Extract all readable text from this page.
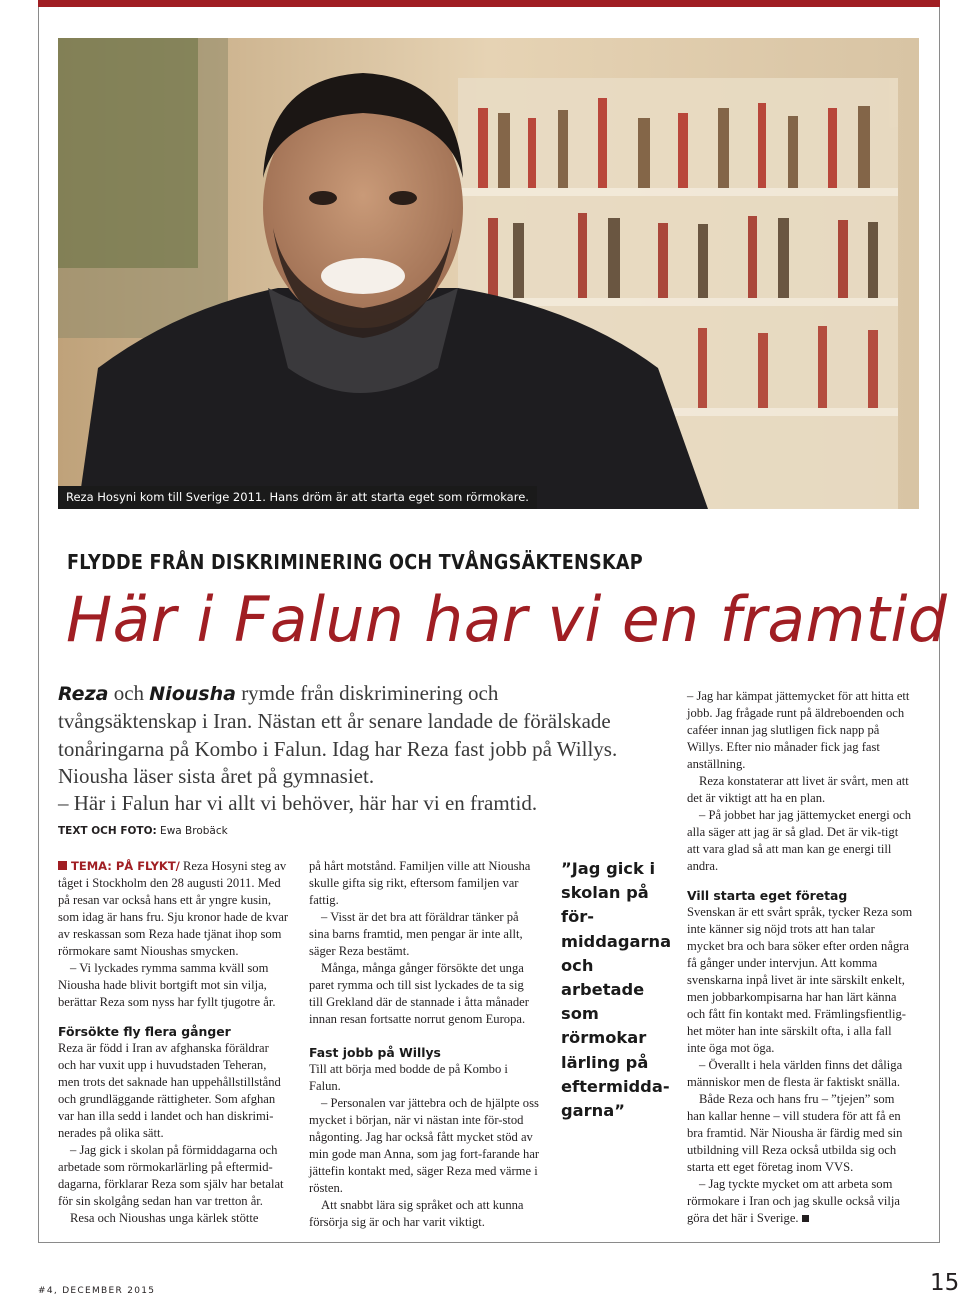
Reza Hosyni kom till Sverige 2011. Hans dröm är att starta eget som rörmokare.
FLYDDE FRÅN DISKRIMINERING OCH TVÅNGSÄKTENSKAP
Här i Falun har vi en framtid
Reza och Niousha rymde från diskriminering och tvångsäktenskap i Iran. Nästan ett år senare landade de förälskade tonåringarna på Kombo i Falun. Idag har Reza fast jobb på Willys. Niousha läser sista året på gymnasiet.
– Här i Falun har vi allt vi behöver, här har vi en framtid.
TEXT OCH FOTO: Ewa Brobäck

TEMA: PÅ FLYKT/ Reza Hosyni steg av tåget i Stockholm den 28 augusti 2011. Med på resan var också hans ett år yngre kusin, som idag är hans fru. Sju kronor hade de kvar av reskassan som Reza hade tjänat ihop som rörmokare samt Nioushas smycken.

– Vi lyckades rymma samma kväll som Niousha hade blivit bortgift mot sin vilja, berättar Reza som nyss har fyllt tjugotre år.

Försökte fly flera gånger

Reza är född i Iran av afghanska föräldrar och har vuxit upp i huvudstaden Teheran, men trots det saknade han uppehållstillstånd och grundläggande rättigheter. Som afghan var han illa sedd i landet och han diskrimi-nerades på olika sätt.

– Jag gick i skolan på förmiddagarna och arbetade som rörmokarlärling på eftermid-dagarna, förklarar Reza som själv har betalat för sin skolgång sedan han var tretton år.

Resa och Nioushas unga kärlek stötte

på hårt motstånd. Familjen ville att Niousha skulle gifta sig rikt, eftersom familjen var fattig.

– Visst är det bra att föräldrar tänker på sina barns framtid, men pengar är inte allt, säger Reza bestämt.

Många, många gånger försökte det unga paret rymma och till sist lyckades de ta sig till Grekland där de stannade i åtta månader innan resan fortsatte norrut genom Europa.

Fast jobb på Willys

Till att börja med bodde de på Kombo i Falun.

– Personalen var jättebra och de hjälpte oss mycket i början, när vi nästan inte för-stod någonting. Jag har också fått mycket stöd av min gode man Anna, som jag fort-farande har jättefin kontakt med, säger Reza med värme i rösten.

Att snabbt lära sig språket och att kunna försörja sig är och har varit viktigt.

”Jag gick i skolan på för-middagarna och arbetade som rörmokar lärling på eftermidda-garna”

– Jag har kämpat jättemycket för att hitta ett jobb. Jag frågade runt på äldreboenden och caféer innan jag slutligen fick napp på Willys. Efter nio månader fick jag fast anställning.

Reza konstaterar att livet är svårt, men att det är viktigt att ha en plan.

– På jobbet har jag jättemycket energi och alla säger att jag är så glad. Det är vik-tigt att vara glad så att man kan ge energi till andra.

Vill starta eget företag

Svenskan är ett svårt språk, tycker Reza som inte känner sig nöjd trots att han talar mycket bra och bara söker efter orden några få gånger under intervjun. Att komma svenskarna inpå livet är inte särskilt enkelt, men jobbarkompisarna har han lärt känna och fått fin kontakt med. Främlingsfientlig-het möter han inte särskilt ofta, i alla fall inte öga mot öga.

– Överallt i hela världen finns det dåliga människor men de flesta är faktiskt snälla.

Både Reza och hans fru – ”tjejen” som han kallar henne – vill studera för att få en bra framtid. När Niousha är färdig med sin utbildning vill Reza också utbilda sig och starta ett eget företag inom VVS.

– Jag tyckte mycket om att arbeta som rörmokare i Iran och jag skulle också vilja göra det här i Sverige.

#4, DECEMBER 2015	15
